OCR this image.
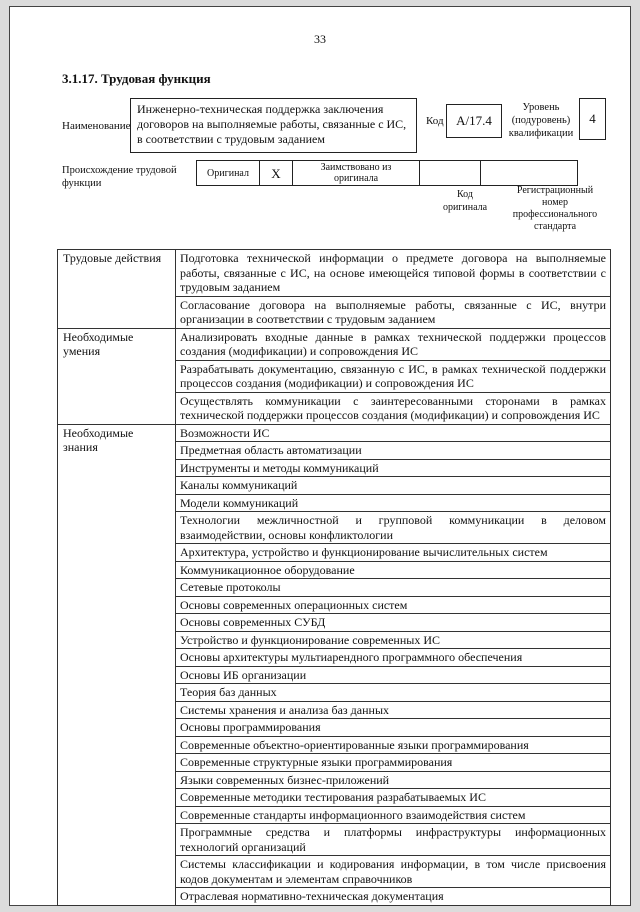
33
3.1.17. Трудовая функция
Наименование
Инженерно-техническая поддержка заключения договоров на выполняемые работы, связанные с ИС, в соответствии с трудовым заданием
Код А/17.4
Уровень (подуровень) квалификации
4
Происхождение трудовой функции
Оригинал	X	Заимствовано из оригинала
Код оригинала
Регистрационный номер профессионального стандарта
Трудовые действия	Подготовка технической информации о предмете договора на выполняемые работы, связанные с ИС, на основе имеющейся типовой формы в соответствии с трудовым заданием
	Согласование договора на выполняемые работы, связанные с ИС, внутри организации в соответствии с трудовым заданием
Необходимые умения	Анализировать входные данные в рамках технической поддержки процессов создания (модификации) и сопровождения ИС
	Разрабатывать документацию, связанную с ИС, в рамках технической поддержки процессов создания (модификации) и сопровождения ИС
	Осуществлять коммуникации с заинтересованными сторонами в рамках технической поддержки процессов создания (модификации) и сопровождения ИС
Необходимые знания	Возможности ИС
	Предметная область автоматизации
	Инструменты и методы коммуникаций
	Каналы коммуникаций
	Модели коммуникаций
	Технологии межличностной и групповой коммуникации в деловом взаимодействии, основы конфликтологии
	Архитектура, устройство и функционирование вычислительных систем
	Коммуникационное оборудование
	Сетевые протоколы
	Основы современных операционных систем
	Основы современных СУБД
	Устройство и функционирование современных ИС
	Основы архитектуры мультиарендного программного обеспечения
	Основы ИБ организации
	Теория баз данных
	Системы хранения и анализа баз данных
	Основы программирования
	Современные объектно-ориентированные языки программирования
	Современные структурные языки программирования
	Языки современных бизнес-приложений
	Современные методики тестирования разрабатываемых ИС
	Современные стандарты информационного взаимодействия систем
	Программные средства и платформы инфраструктуры информационных технологий организаций
	Системы классификации и кодирования информации, в том числе присвоения кодов документам и элементам справочников
	Отраслевая нормативно-техническая документация
